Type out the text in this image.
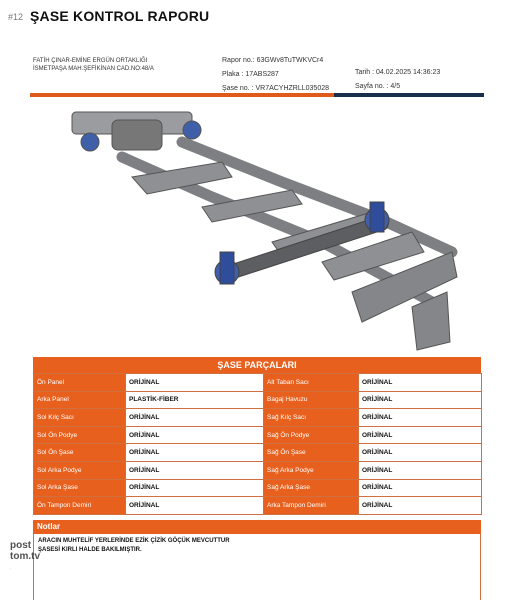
#12 ŞASE KONTROL RAPORU
FATİH ÇINAR-EMİNE ERGÜN ORTAKLIĞI
İSMETPAŞA MAH.ŞEFİKİNAN CAD.NO:48/A
Rapor no.: 63GWv8TuTWKVCr4
Plaka : 17ABS287
Şase no. : VR7ACYHZRLL035028
Tarih : 04.02.2025 14:36:23
Sayfa no. : 4/5
ŞASE PARÇALARI
Ön Panel	ORİJİNAL	Alt Taban Sacı	ORİJİNAL
Arka Panel	PLASTİK-FİBER	Bagaj Havuzu	ORİJİNAL
Sol Kılç Sacı	ORİJİNAL	Sağ Kılç Sacı	ORİJİNAL
Sol Ön Podye	ORİJİNAL	Sağ Ön Podye	ORİJİNAL
Sol Ön Şase	ORİJİNAL	Sağ Ön Şase	ORİJİNAL
Sol Arka Podye	ORİJİNAL	Sağ Arka Podye	ORİJİNAL
Sol Arka Şase	ORİJİNAL	Sağ Arka Şase	ORİJİNAL
Ön Tampon Demiri	ORİJİNAL	Arka Tampon Demiri	ORİJİNAL
Notlar
ARACIN MUHTELİF YERLERİNDE EZİK ÇİZİK GÖÇÜK MEVCUTTUR
ŞASESİ KIRLI HALDE BAKILMIŞTIR.
post
tom.tv
.
